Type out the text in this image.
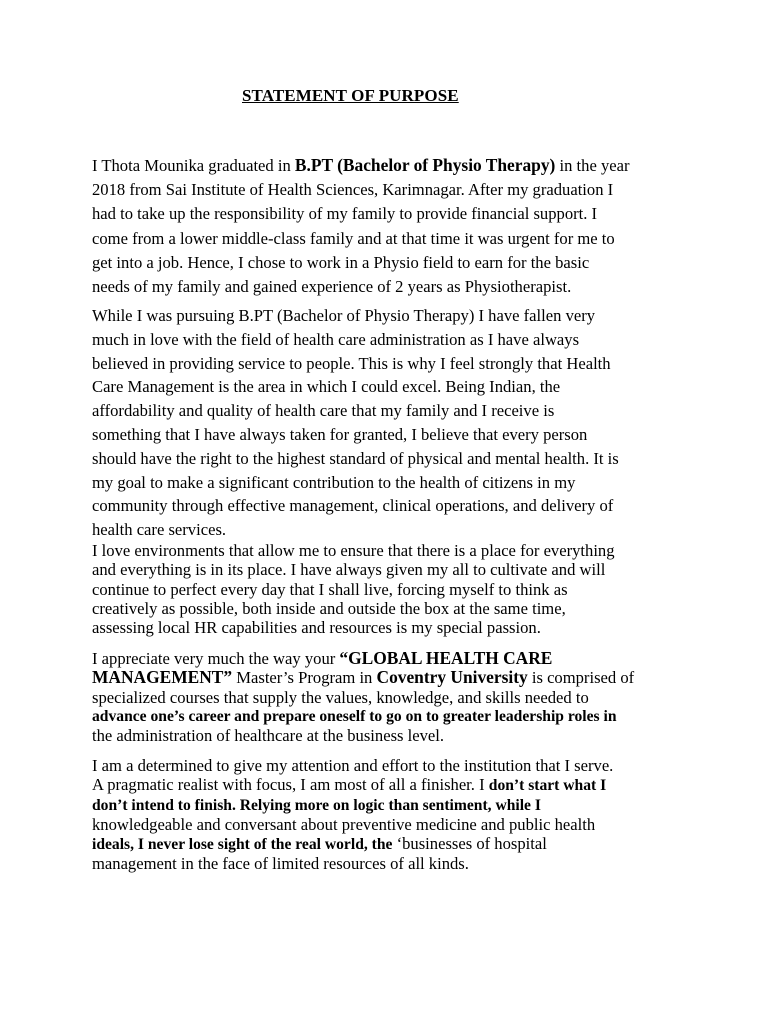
STATEMENT OF PURPOSE

I Thota Mounika graduated in B.PT (Bachelor of Physio Therapy) in the year
2018 from Sai Institute of Health Sciences, Karimnagar. After my graduation I
had to take up the responsibility of my family to provide financial support. I
come from a lower middle-class family and at that time it was urgent for me to
get into a job. Hence, I chose to work in a Physio field to earn for the basic
needs of my family and gained experience of 2 years as Physiotherapist.

While I was pursuing B.PT (Bachelor of Physio Therapy) I have fallen very
much in love with the field of health care administration as I have always
believed in providing service to people. This is why I feel strongly that Health
Care Management is the area in which I could excel. Being Indian, the
affordability and quality of health care that my family and I receive is
something that I have always taken for granted, I believe that every person
should have the right to the highest standard of physical and mental health. It is
my goal to make a significant contribution to the health of citizens in my
community through effective management, clinical operations, and delivery of
health care services.

I love environments that allow me to ensure that there is a place for everything
and everything is in its place. I have always given my all to cultivate and will
continue to perfect every day that I shall live, forcing myself to think as
creatively as possible, both inside and outside the box at the same time,
assessing local HR capabilities and resources is my special passion.

I appreciate very much the way your “GLOBAL HEALTH CARE
MANAGEMENT” Master’s Program in Coventry University is comprised of
specialized courses that supply the values, knowledge, and skills needed to
advance one’s career and prepare oneself to go on to greater leadership roles in
the administration of healthcare at the business level.

I am a determined to give my attention and effort to the institution that I serve.
A pragmatic realist with focus, I am most of all a finisher. I don’t start what I
don’t intend to finish. Relying more on logic than sentiment, while I
knowledgeable and conversant about preventive medicine and public health
ideals, I never lose sight of the real world, the ‘businesses of hospital
management in the face of limited resources of all kinds.
